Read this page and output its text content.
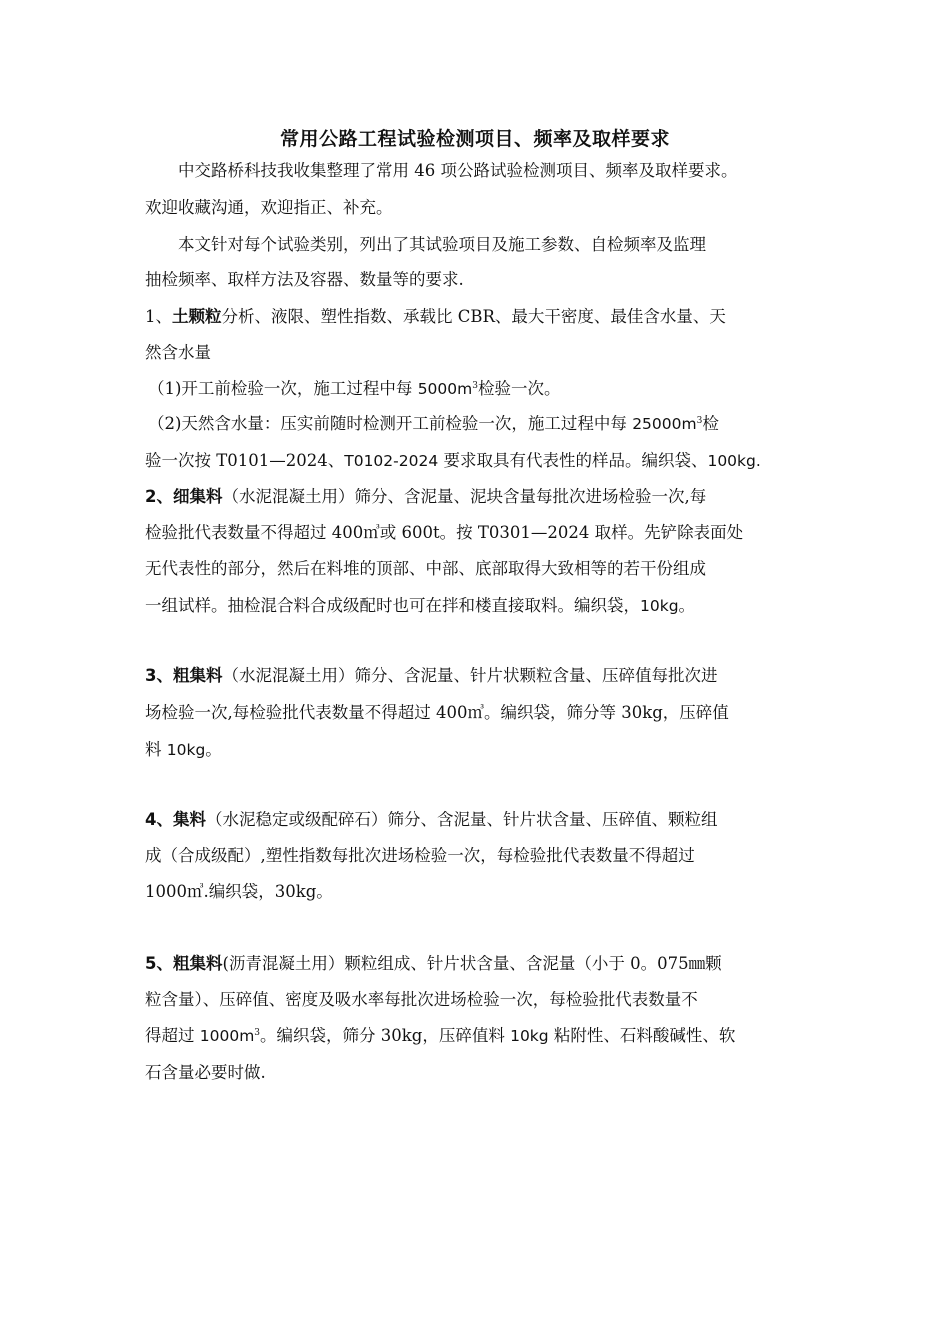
常用公路工程试验检测项目、频率及取样要求
中交路桥科技我收集整理了常用 46 项公路试验检测项目、频率及取样要求。
欢迎收藏沟通，欢迎指正、补充。
本文针对每个试验类别，列出了其试验项目及施工参数、自检频率及监理
抽检频率、取样方法及容器、数量等的要求.
1、土颗粒分析、液限、塑性指数、承载比 CBR、最大干密度、最佳含水量、天
然含水量
（1)开工前检验一次，施工过程中每 $5000m^3$检验一次。
（2)天然含水量：压实前随时检测开工前检验一次，施工过程中每 $25000m^3$检
验一次按 T0101—2024、T0102-2024 要求取具有代表性的样品。编织袋、100kg.
2、细集料（水泥混凝土用）筛分、含泥量、泥块含量每批次进场检验一次,每
检验批代表数量不得超过 400㎥或 600t。按 T0301—2024 取样。先铲除表面处
无代表性的部分，然后在料堆的顶部、中部、底部取得大致相等的若干份组成
一组试样。抽检混合料合成级配时也可在拌和楼直接取料。编织袋，10kg。
3、粗集料（水泥混凝土用）筛分、含泥量、针片状颗粒含量、压碎值每批次进
场检验一次,每检验批代表数量不得超过 400㎥。编织袋，筛分等 30kg，压碎值
料 10kg。
4、集料（水泥稳定或级配碎石）筛分、含泥量、针片状含量、压碎值、颗粒组
成（合成级配）,塑性指数每批次进场检验一次，每检验批代表数量不得超过
1000㎥.编织袋，30kg。
5、粗集料(沥青混凝土用）颗粒组成、针片状含量、含泥量（小于 0。075㎜颗
粒含量）、压碎值、密度及吸水率每批次进场检验一次，每检验批代表数量不
得超过 $1000m^3$。编织袋，筛分 30kg，压碎值料 10kg 粘附性、石料酸碱性、软
石含量必要时做.
